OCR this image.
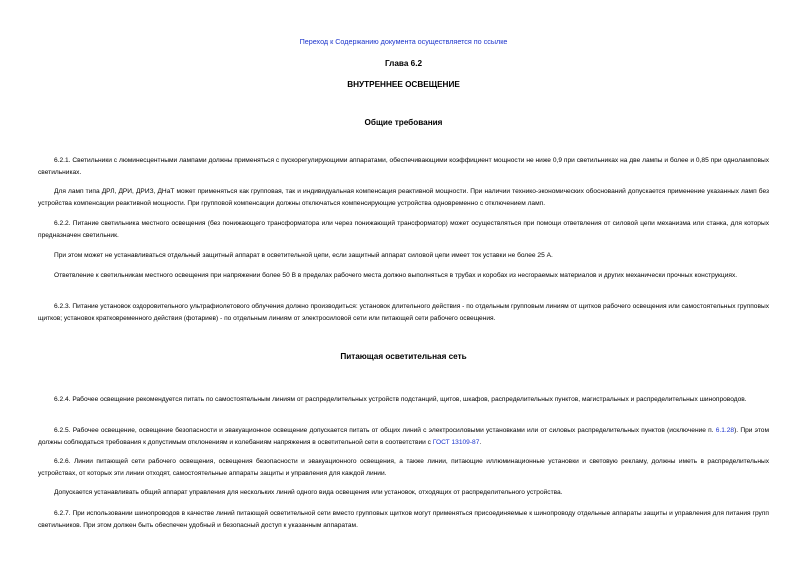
Переход к Содержанию документа осуществляется по ссылке
Глава 6.2
ВНУТРЕННЕЕ ОСВЕЩЕНИЕ
Общие требования
6.2.1. Светильники с люминесцентными лампами должны применяться с пускорегулирующими аппаратами, обеспечивающими коэффициент мощности не ниже 0,9 при светильниках на две лампы и более и 0,85 при однoламповых светильниках.
Для ламп типа ДРЛ, ДРИ, ДРИЗ, ДНаТ может применяться как групповая, так и индивидуальная компенсация реактивной мощности. При наличии технико-экономических обоснований допускается применение указанных ламп без устройства компенсации реактивной мощности. При групповой компенсации должны отключаться компенсирующие устройства одновременно с отключением ламп.
6.2.2. Питание светильника местного освещения (без понижающего трансформатора или через понижающий трансформатор) может осуществляться при помощи ответвления от силовой цепи механизма или станка, для которых предназначен светильник.
При этом может не устанавливаться отдельный защитный аппарат в осветительной цепи, если защитный аппарат силовой цепи имеет ток уставки не более 25 А.
Ответвление к светильникам местного освещения при напряжении более 50 В в пределах рабочего места должно выполняться в трубах и коробах из несгораемых материалов и других механически прочных конструкциях.
6.2.3. Питание установок оздоровительного ультрафиолетового облучения должно производиться: установок длительного действия - по отдельным групповым линиям от щитков рабочего освещения или самостоятельных групповых щитков; установок кратковременного действия (фотариев) - по отдельным линиям от электросиловой сети или питающей сети рабочего освещения.
Питающая осветительная сеть
6.2.4. Рабочее освещение рекомендуется питать по самостоятельным линиям от распределительных устройств подстанций, щитов, шкафов, распределительных пунктов, магистральных и распределительных шинопроводов.
6.2.5. Рабочее освещение, освещение безопасности и эвакуационное освещение допускается питать от общих линий с электросиловыми установками или от силовых распределительных пунктов (исключение п. 6.1.28). При этом должны соблюдаться требования к допустимым отклонениям и колебаниям напряжения в осветительной сети в соответствии с ГОСТ 13109-87.
6.2.6. Линии питающей сети рабочего освещения, освещения безопасности и эвакуационного освещения, а также линии, питающие иллюминационные установки и световую рекламу, должны иметь в распределительных устройствах, от которых эти линии отходят, самостоятельные аппараты защиты и управления для каждой линии.
Допускается устанавливать общий аппарат управления для нескольких линий одного вида освещения или установок, отходящих от распределительного устройства.
6.2.7. При использовании шинопроводов в качестве линий питающей осветительной сети вместо групповых щитков могут применяться присоединяемые к шинопроводу отдельные аппараты защиты и управления для питания групп светильников. При этом должен быть обеспечен удобный и безопасный доступ к указанным аппаратам.
